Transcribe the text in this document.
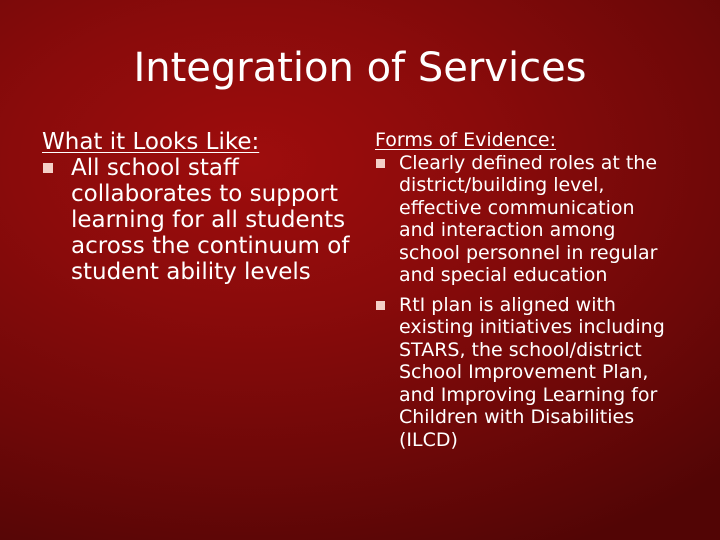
Integration of Services
What it Looks Like:
All school staff collaborates to support learning for all students across the continuum of student ability levels
Forms of Evidence:
Clearly defined roles at the district/building level, effective communication and interaction among school personnel in regular and special education
RtI plan is aligned with existing initiatives including STARS, the school/district School Improvement Plan, and Improving Learning for Children with Disabilities (ILCD)
